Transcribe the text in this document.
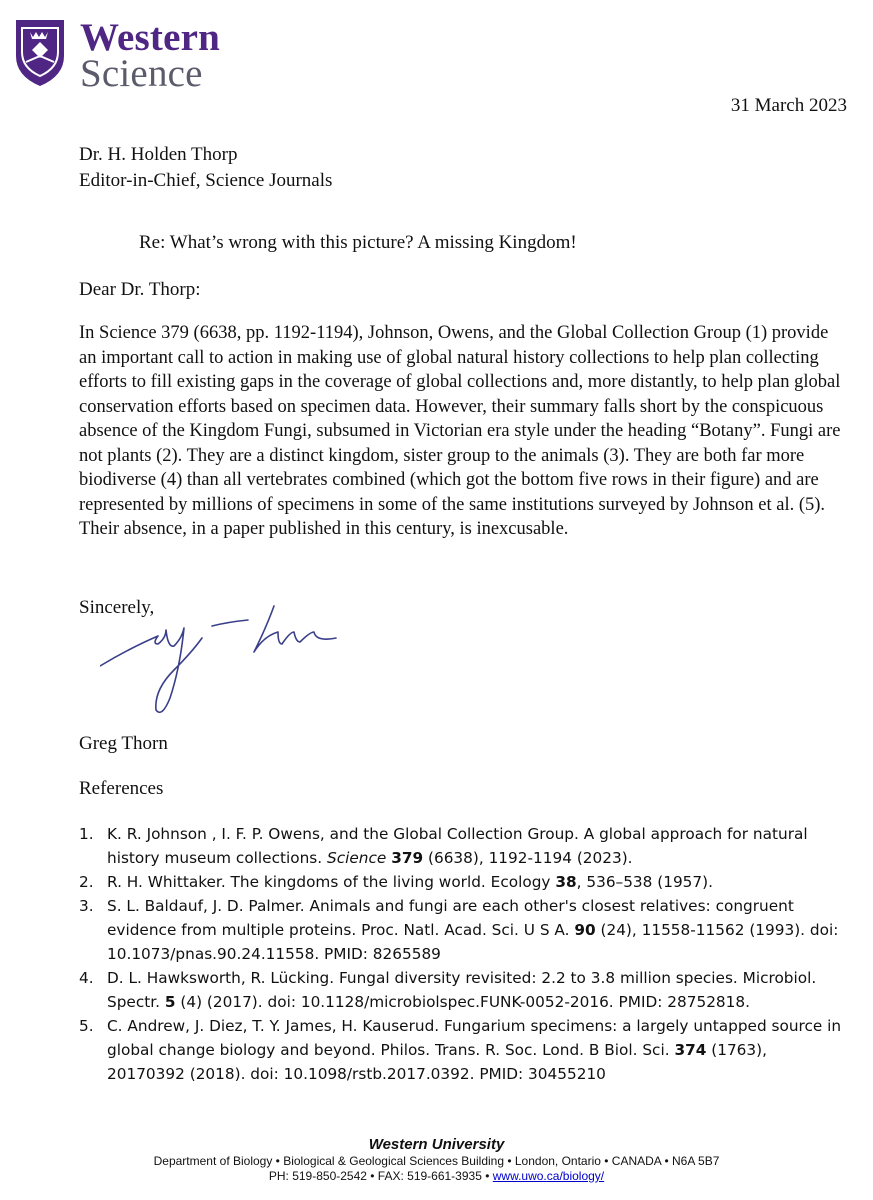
Western
Science
31 March 2023
Dr. H. Holden Thorp
Editor-in-Chief, Science Journals
Re: What’s wrong with this picture? A missing Kingdom!
Dear Dr. Thorp:

In Science 379 (6638, pp. 1192-1194), Johnson, Owens, and the Global Collection Group (1) provide an important call to action in making use of global natural history collections to help plan collecting efforts to fill existing gaps in the coverage of global collections and, more distantly, to help plan global conservation efforts based on specimen data. However, their summary falls short by the conspicuous absence of the Kingdom Fungi, subsumed in Victorian era style under the heading “Botany”. Fungi are not plants (2). They are a distinct kingdom, sister group to the animals (3). They are both far more biodiverse (4) than all vertebrates combined (which got the bottom five rows in their figure) and are represented by millions of specimens in some of the same institutions surveyed by Johnson et al. (5). Their absence, in a paper published in this century, is inexcusable.

Sincerely,
Greg Thorn
References
1. K. R. Johnson , I. F. P. Owens, and the Global Collection Group. A global approach for natural history museum collections. Science 379 (6638), 1192-1194 (2023).
2. R. H. Whittaker. The kingdoms of the living world. Ecology 38, 536–538 (1957).
3. S. L. Baldauf, J. D. Palmer. Animals and fungi are each other's closest relatives: congruent evidence from multiple proteins. Proc. Natl. Acad. Sci. U S A. 90 (24), 11558-11562 (1993). doi: 10.1073/pnas.90.24.11558. PMID: 8265589
4. D. L. Hawksworth, R. Lücking. Fungal diversity revisited: 2.2 to 3.8 million species. Microbiol. Spectr. 5 (4) (2017). doi: 10.1128/microbiolspec.FUNK-0052-2016. PMID: 28752818.
5. C. Andrew, J. Diez, T. Y. James, H. Kauserud. Fungarium specimens: a largely untapped source in global change biology and beyond. Philos. Trans. R. Soc. Lond. B Biol. Sci. 374 (1763), 20170392 (2018). doi: 10.1098/rstb.2017.0392. PMID: 30455210
Western University
Department of Biology • Biological & Geological Sciences Building • London, Ontario • CANADA • N6A 5B7
PH: 519-850-2542 • FAX: 519-661-3935 • www.uwo.ca/biology/
